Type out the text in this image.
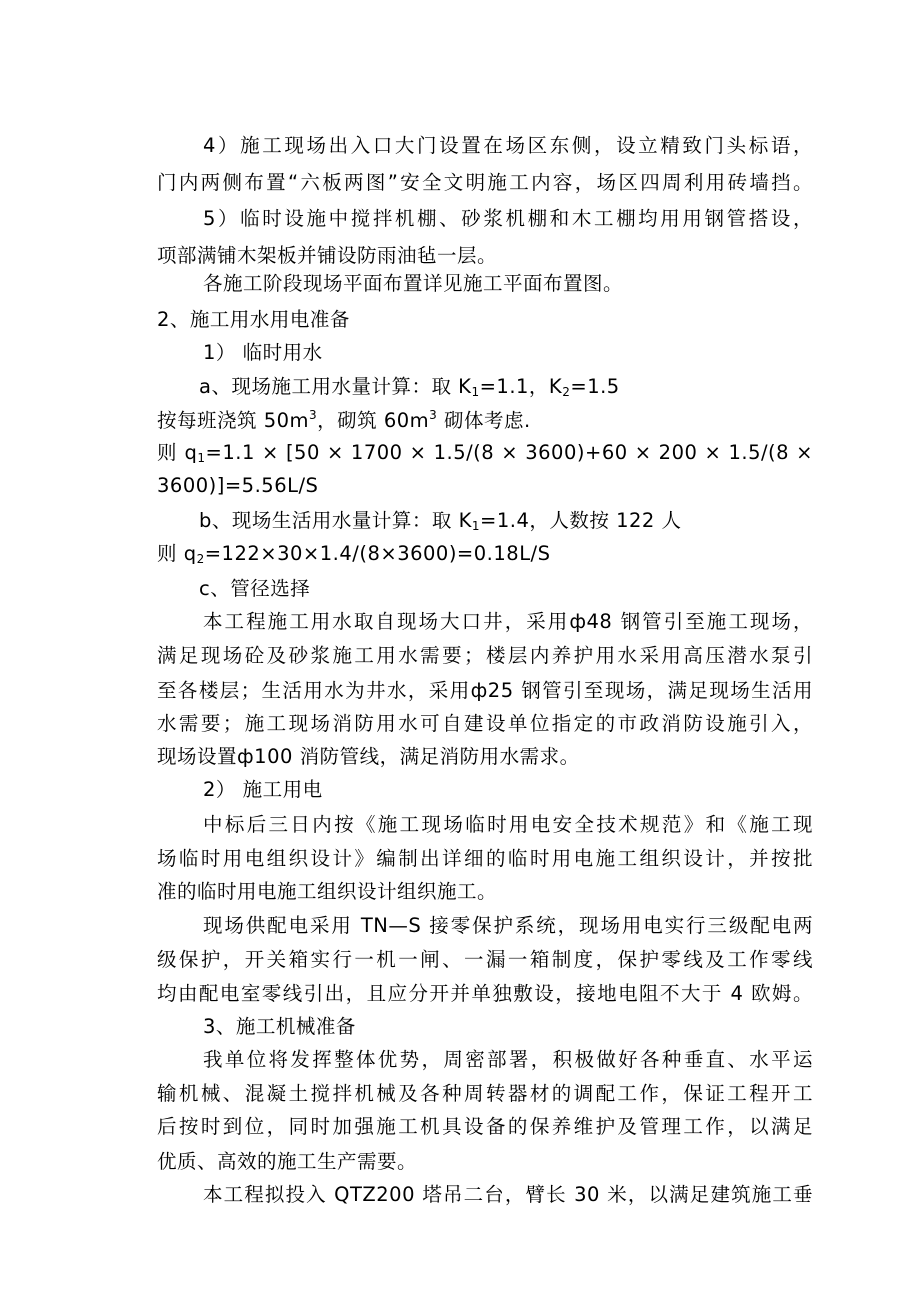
4）施工现场出入口大门设置在场区东侧，设立精致门头标语，
门内两侧布置“六板两图”安全文明施工内容，场区四周利用砖墙挡。
5）临时设施中搅拌机棚、砂浆机棚和木工棚均用用钢管搭设，
项部满铺木架板并铺设防雨油毡一层。
各施工阶段现场平面布置详见施工平面布置图。
2、施工用水用电准备
1） 临时用水
a、现场施工用水量计算：取 $K_1=1.1$，$K_2=1.5$
按每班浇筑 $50m^3$，砌筑 $60m^3$ 砌体考虑.
则 $q_1=1.1 \times [50 \times 1700 \times 1.5/(8 \times 3600)+60 \times 200 \times 1.5/(8$ ×
3600)]=5.56L/S
b、现场生活用水量计算：取 $K_1=1.4$，人数按 122 人
则 $q_2=122\times 30\times 1.4/(8\times 3600)=0.18L/S$
c、管径选择
本工程施工用水取自现场大口井，采用ф48 钢管引至施工现场，
满足现场砼及砂浆施工用水需要；楼层内养护用水采用高压潜水泵引
至各楼层；生活用水为井水，采用ф25 钢管引至现场，满足现场生活用
水需要；施工现场消防用水可自建设单位指定的市政消防设施引入，
现场设置ф100 消防管线，满足消防用水需求。
2） 施工用电
中标后三日内按《施工现场临时用电安全技术规范》和《施工现
场临时用电组织设计》编制出详细的临时用电施工组织设计，并按批
准的临时用电施工组织设计组织施工。
现场供配电采用 TN—S 接零保护系统，现场用电实行三级配电两
级保护，开关箱实行一机一闸、一漏一箱制度，保护零线及工作零线
均由配电室零线引出，且应分开并单独敷设，接地电阻不大于 4 欧姆。
3、施工机械准备
我单位将发挥整体优势，周密部署，积极做好各种垂直、水平运
输机械、混凝土搅拌机械及各种周转器材的调配工作，保证工程开工
后按时到位，同时加强施工机具设备的保养维护及管理工作，以满足
优质、高效的施工生产需要。
本工程拟投入 QTZ200 塔吊二台，臂长 30 米，以满足建筑施工垂
